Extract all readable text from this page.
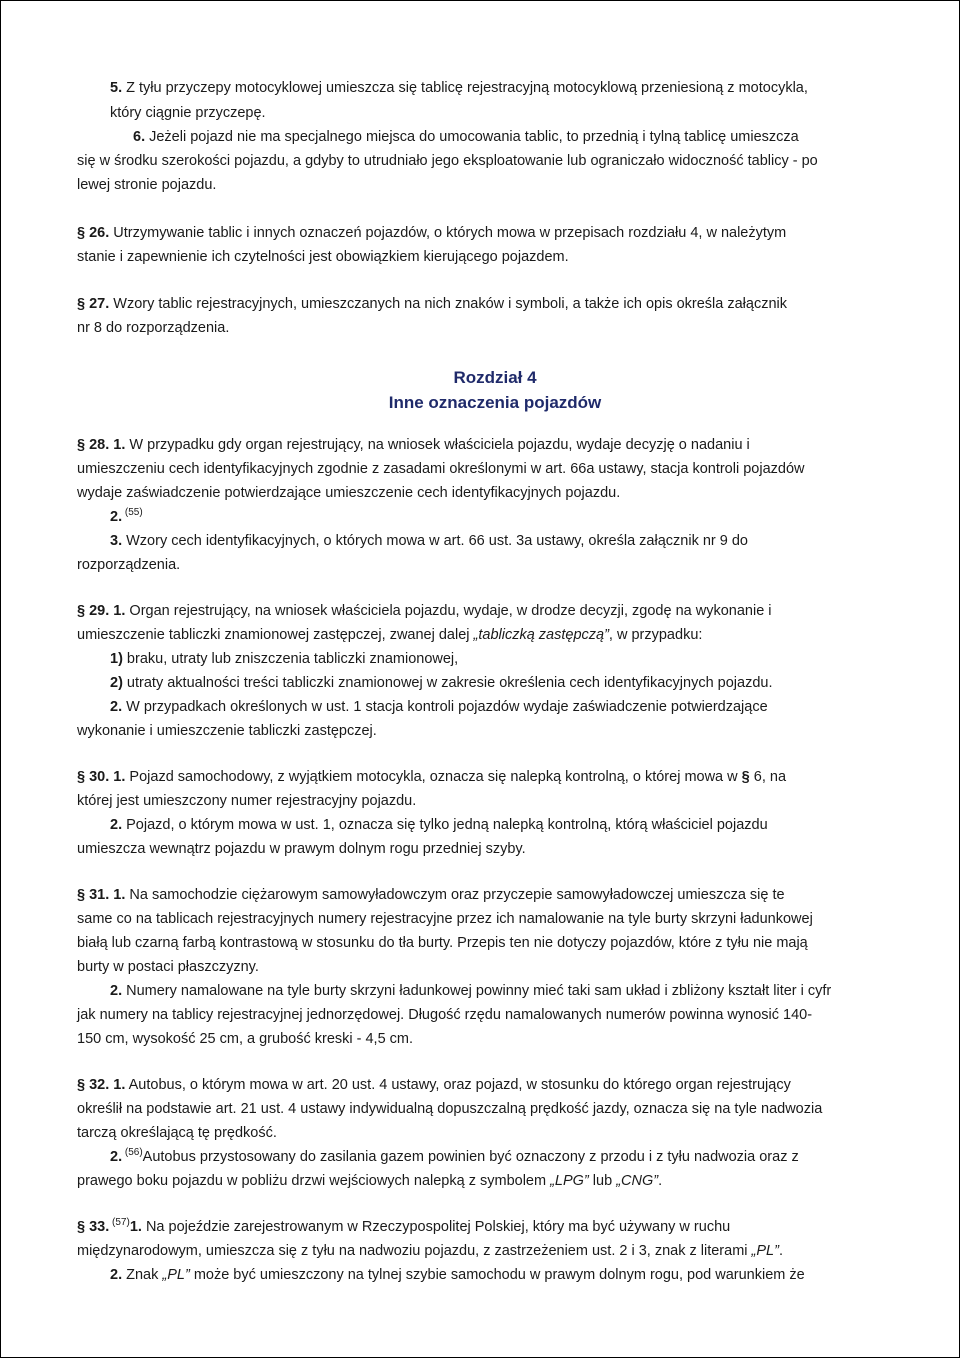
Rozdział 4
Inne oznaczenia pojazdów
5. Z tyłu przyczepy motocyklowej umieszcza się tablicę rejestracyjną motocyklową przeniesioną z motocykla,
który ciągnie przyczepę.
6. Jeżeli pojazd nie ma specjalnego miejsca do umocowania tablic, to przednią i tylną tablicę umieszcza
się w środku szerokości pojazdu, a gdyby to utrudniało jego eksploatowanie lub ograniczało widoczność tablicy - po
lewej stronie pojazdu.
§ 26. Utrzymywanie tablic i innych oznaczeń pojazdów, o których mowa w przepisach rozdziału 4, w należytym
stanie i zapewnienie ich czytelności jest obowiązkiem kierującego pojazdem.
§ 27. Wzory tablic rejestracyjnych, umieszczanych na nich znaków i symboli, a także ich opis określa załącznik
nr 8 do rozporządzenia.
§ 28. 1. W przypadku gdy organ rejestrujący, na wniosek właściciela pojazdu, wydaje decyzję o nadaniu i
umieszczeniu cech identyfikacyjnych zgodnie z zasadami określonymi w art. 66a ustawy, stacja kontroli pojazdów
wydaje zaświadczenie potwierdzające umieszczenie cech identyfikacyjnych pojazdu.
2. $^{(55)}$
3. Wzory cech identyfikacyjnych, o których mowa w art. 66 ust. 3a ustawy, określa załącznik nr 9 do
rozporządzenia.
§ 29. 1. Organ rejestrujący, na wniosek właściciela pojazdu, wydaje, w drodze decyzji, zgodę na wykonanie i
umieszczenie tabliczki znamionowej zastępczej, zwanej dalej „tabliczką zastępczą”, w przypadku:
1) braku, utraty lub zniszczenia tabliczki znamionowej,
2) utraty aktualności treści tabliczki znamionowej w zakresie określenia cech identyfikacyjnych pojazdu.
2. W przypadkach określonych w ust. 1 stacja kontroli pojazdów wydaje zaświadczenie potwierdzające
wykonanie i umieszczenie tabliczki zastępczej.
§ 30. 1. Pojazd samochodowy, z wyjątkiem motocykla, oznacza się nalepką kontrolną, o której mowa w § 6, na
której jest umieszczony numer rejestracyjny pojazdu.
2. Pojazd, o którym mowa w ust. 1, oznacza się tylko jedną nalepką kontrolną, którą właściciel pojazdu
umieszcza wewnątrz pojazdu w prawym dolnym rogu przedniej szyby.
§ 31. 1. Na samochodzie ciężarowym samowyładowczym oraz przyczepie samowyładowczej umieszcza się te
same co na tablicach rejestracyjnych numery rejestracyjne przez ich namalowanie na tyle burty skrzyni ładunkowej
białą lub czarną farbą kontrastową w stosunku do tła burty. Przepis ten nie dotyczy pojazdów, które z tyłu nie mają
burty w postaci płaszczyzny.
2. Numery namalowane na tyle burty skrzyni ładunkowej powinny mieć taki sam układ i zbliżony kształt liter i cyfr
jak numery na tablicy rejestracyjnej jednorzędowej. Długość rzędu namalowanych numerów powinna wynosić 140-
150 cm, wysokość 25 cm, a grubość kreski - 4,5 cm.
§ 32. 1. Autobus, o którym mowa w art. 20 ust. 4 ustawy, oraz pojazd, w stosunku do którego organ rejestrujący
określił na podstawie art. 21 ust. 4 ustawy indywidualną dopuszczalną prędkość jazdy, oznacza się na tyle nadwozia
tarczą określającą tę prędkość.
2. $^{(56)}$Autobus przystosowany do zasilania gazem powinien być oznaczony z przodu i z tyłu nadwozia oraz z
prawego boku pojazdu w pobliżu drzwi wejściowych nalepką z symbolem „LPG” lub „CNG”.
§ 33. $^{(57)}$1. Na pojeździe zarejestrowanym w Rzeczypospolitej Polskiej, który ma być używany w ruchu
międzynarodowym, umieszcza się z tyłu na nadwoziu pojazdu, z zastrzeżeniem ust. 2 i 3, znak z literami „PL”.
2. Znak „PL” może być umieszczony na tylnej szybie samochodu w prawym dolnym rogu, pod warunkiem że
